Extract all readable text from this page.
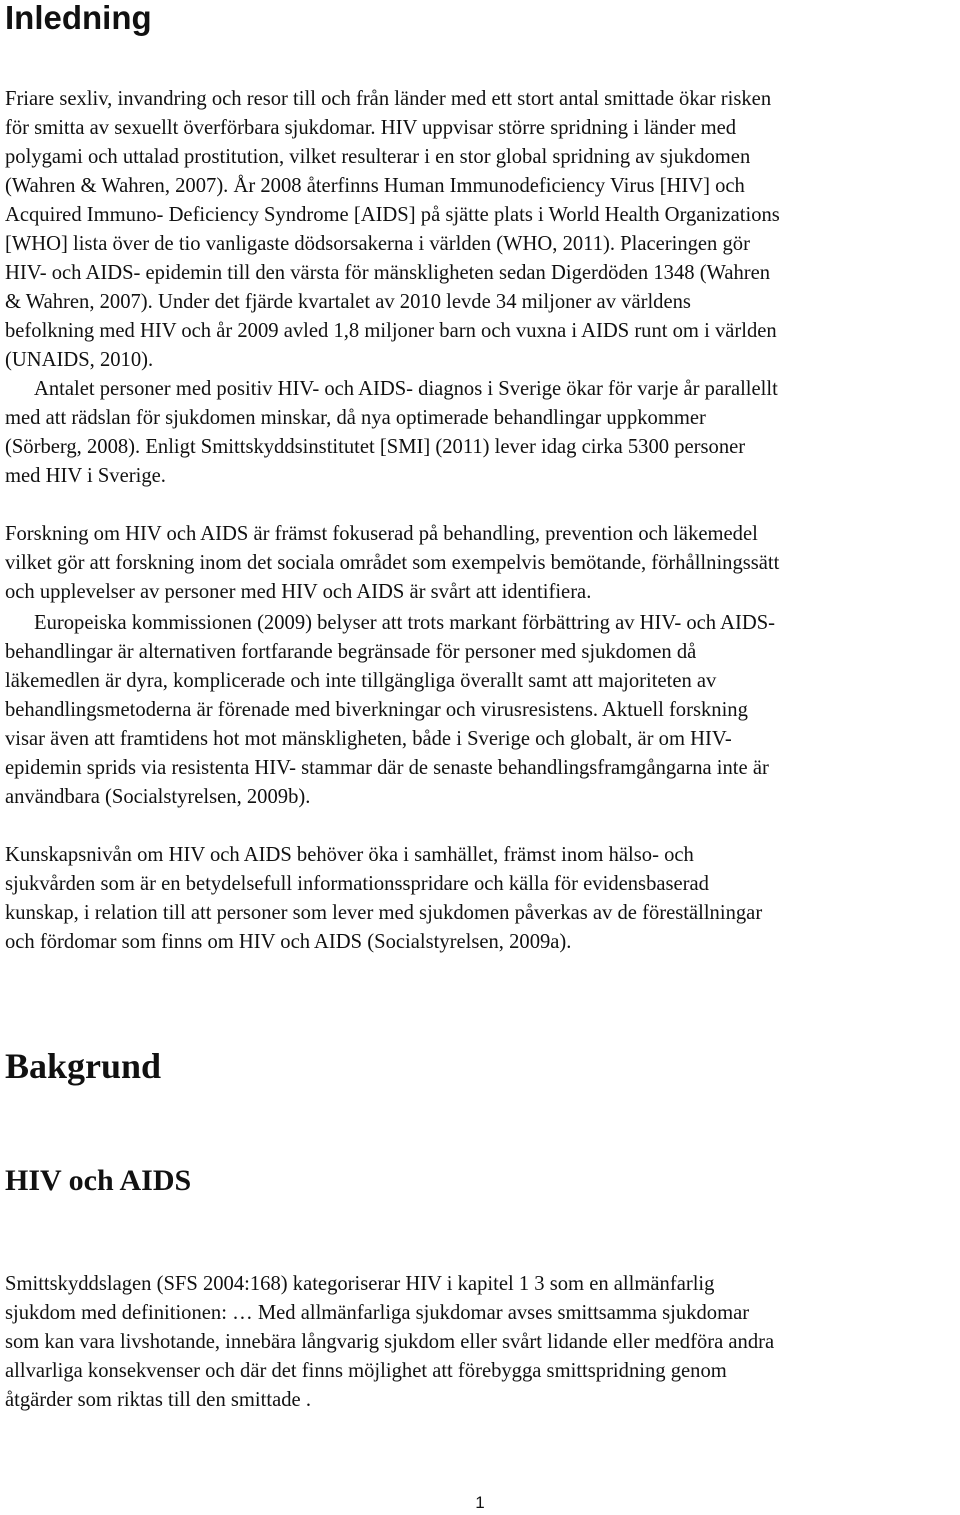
Inledning
Friare sexliv, invandring och resor till och från länder med ett stort antal smittade ökar risken
för smitta av sexuellt överförbara sjukdomar. HIV uppvisar större spridning i länder med
polygami och uttalad prostitution, vilket resulterar i en stor global spridning av sjukdomen
(Wahren & Wahren, 2007). År 2008 återfinns Human Immunodeficiency Virus [HIV] och
Acquired Immuno- Deficiency Syndrome [AIDS] på sjätte plats i World Health Organizations
[WHO] lista över de tio vanligaste dödsorsakerna i världen (WHO, 2011). Placeringen gör
HIV- och AIDS- epidemin till den värsta för mänskligheten sedan Digerdöden 1348 (Wahren
& Wahren, 2007). Under det fjärde kvartalet av 2010 levde 34 miljoner av världens
befolkning med HIV och år 2009 avled 1,8 miljoner barn och vuxna i AIDS runt om i världen
(UNAIDS, 2010).
Antalet personer med positiv HIV- och AIDS- diagnos i Sverige ökar för varje år parallellt
med att rädslan för sjukdomen minskar, då nya optimerade behandlingar uppkommer
(Sörberg, 2008). Enligt Smittskyddsinstitutet [SMI] (2011) lever idag cirka 5300 personer
med HIV i Sverige.
Forskning om HIV och AIDS är främst fokuserad på behandling, prevention och läkemedel
vilket gör att forskning inom det sociala området som exempelvis bemötande, förhållningssätt
och upplevelser av personer med HIV och AIDS är svårt att identifiera.
Europeiska kommissionen (2009) belyser att trots markant förbättring av HIV- och AIDS-
behandlingar är alternativen fortfarande begränsade för personer med sjukdomen då
läkemedlen är dyra, komplicerade och inte tillgängliga överallt samt att majoriteten av
behandlingsmetoderna är förenade med biverkningar och virusresistens. Aktuell forskning
visar även att framtidens hot mot mänskligheten, både i Sverige och globalt, är om HIV-
epidemin sprids via resistenta HIV- stammar där de senaste behandlingsframgångarna inte är
användbara (Socialstyrelsen, 2009b).
Kunskapsnivån om HIV och AIDS behöver öka i samhället, främst inom hälso- och
sjukvården som är en betydelsefull informationsspridare och källa för evidensbaserad
kunskap, i relation till att personer som lever med sjukdomen påverkas av de föreställningar
och fördomar som finns om HIV och AIDS (Socialstyrelsen, 2009a).
Bakgrund
HIV och AIDS
Smittskyddslagen (SFS 2004:168) kategoriserar HIV i kapitel 1 3 som en allmänfarlig
sjukdom med definitionen: … Med allmänfarliga sjukdomar avses smittsamma sjukdomar
som kan vara livshotande, innebära långvarig sjukdom eller svårt lidande eller medföra andra
allvarliga konsekvenser och där det finns möjlighet att förebygga smittspridning genom
åtgärder som riktas till den smittade .

1
